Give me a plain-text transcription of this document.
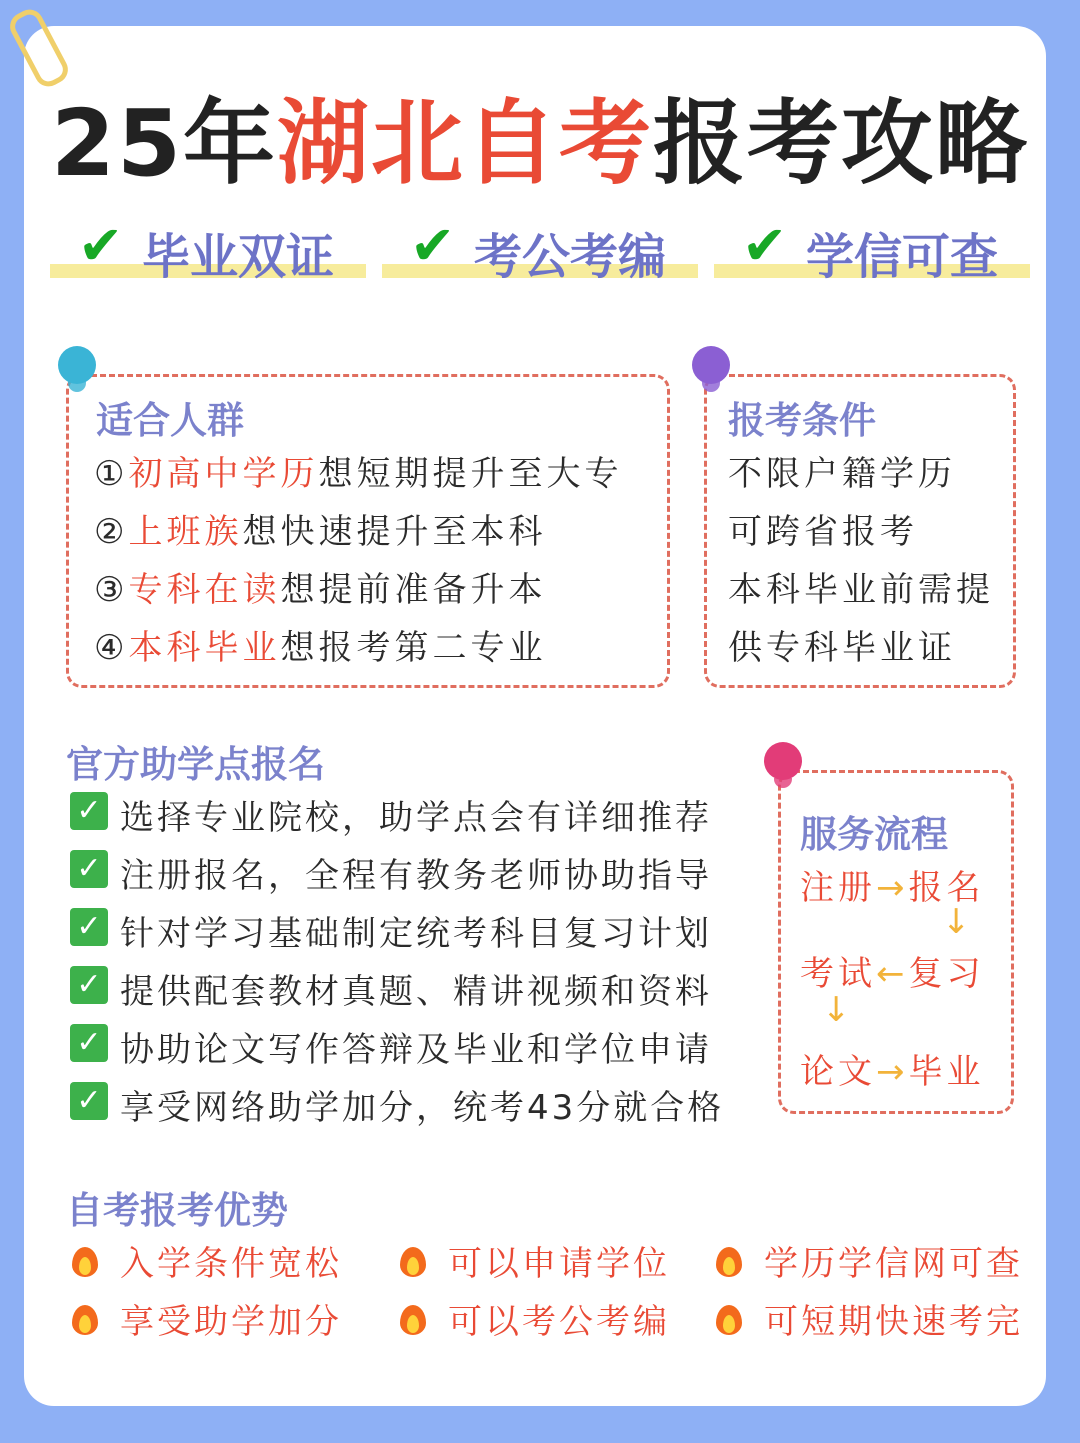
25年湖北自考报考攻略
✔ 毕业双证 ✔ 考公考编 ✔ 学信可查
适合人群
①初高中学历想短期提升至大专
②上班族想快速提升至本科
③专科在读想提前准备升本
④本科毕业想报考第二专业
报考条件
不限户籍学历
可跨省报考
本科毕业前需提
供专科毕业证
官方助学点报名
✓ 选择专业院校，助学点会有详细推荐
✓ 注册报名，全程有教务老师协助指导
✓ 针对学习基础制定统考科目复习计划
✓ 提供配套教材真题、精讲视频和资料
✓ 协助论文写作答辩及毕业和学位申请
✓ 享受网络助学加分，统考43分就合格
服务流程
注册→报名
↓
考试←复习
↓
论文→毕业
自考报考优势
入学条件宽松	可以申请学位	学历学信网可查
享受助学加分	可以考公考编	可短期快速考完
